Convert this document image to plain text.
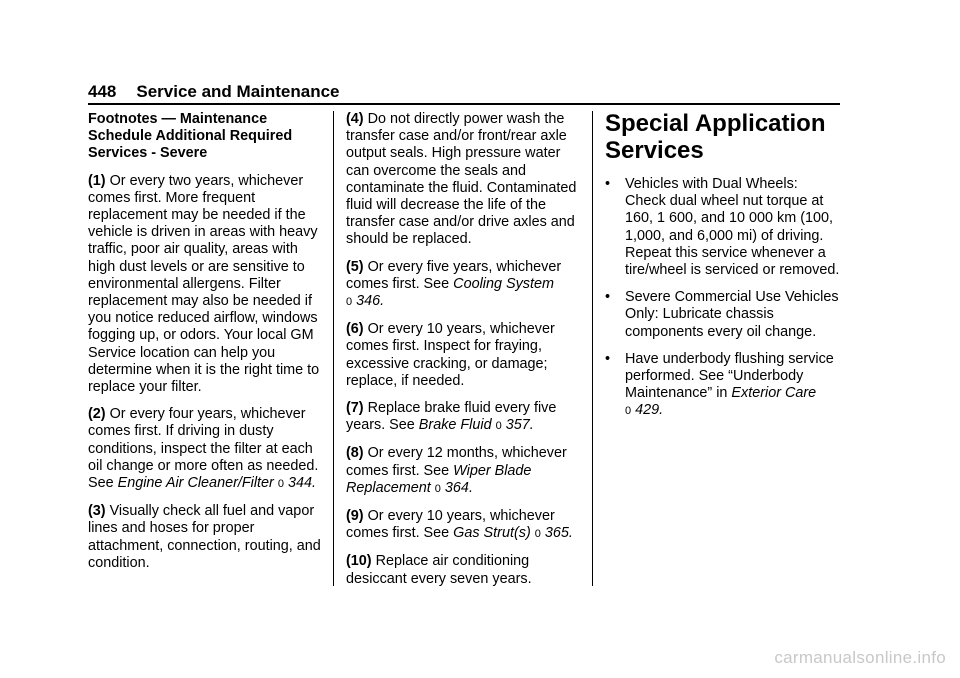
448 Service and Maintenance

Footnotes — Maintenance Schedule Additional Required Services - Severe

(1) Or every two years, whichever comes first. More frequent replacement may be needed if the vehicle is driven in areas with heavy traffic, poor air quality, areas with high dust levels or are sensitive to environmental allergens. Filter replacement may also be needed if you notice reduced airflow, windows fogging up, or odors. Your local GM Service location can help you determine when it is the right time to replace your filter.

(2) Or every four years, whichever comes first. If driving in dusty conditions, inspect the filter at each oil change or more often as needed. See Engine Air Cleaner/Filter 0 344.

(3) Visually check all fuel and vapor lines and hoses for proper attachment, connection, routing, and condition.

(4) Do not directly power wash the transfer case and/or front/rear axle output seals. High pressure water can overcome the seals and contaminate the fluid. Contaminated fluid will decrease the life of the transfer case and/or drive axles and should be replaced.

(5) Or every five years, whichever comes first. See Cooling System
0 346.

(6) Or every 10 years, whichever comes first. Inspect for fraying, excessive cracking, or damage; replace, if needed.

(7) Replace brake fluid every five years. See Brake Fluid 0 357.

(8) Or every 12 months, whichever comes first. See Wiper Blade Replacement 0 364.

(9) Or every 10 years, whichever comes first. See Gas Strut(s) 0 365.

(10) Replace air conditioning desiccant every seven years.

Special Application Services
•	Vehicles with Dual Wheels: Check dual wheel nut torque at 160, 1 600, and 10 000 km (100, 1,000, and 6,000 mi) of driving. Repeat this service whenever a tire/wheel is serviced or removed.
•	Severe Commercial Use Vehicles Only: Lubricate chassis components every oil change.
•	Have underbody flushing service performed. See “Underbody Maintenance” in Exterior Care
0 429.
carmanualsonline.info
